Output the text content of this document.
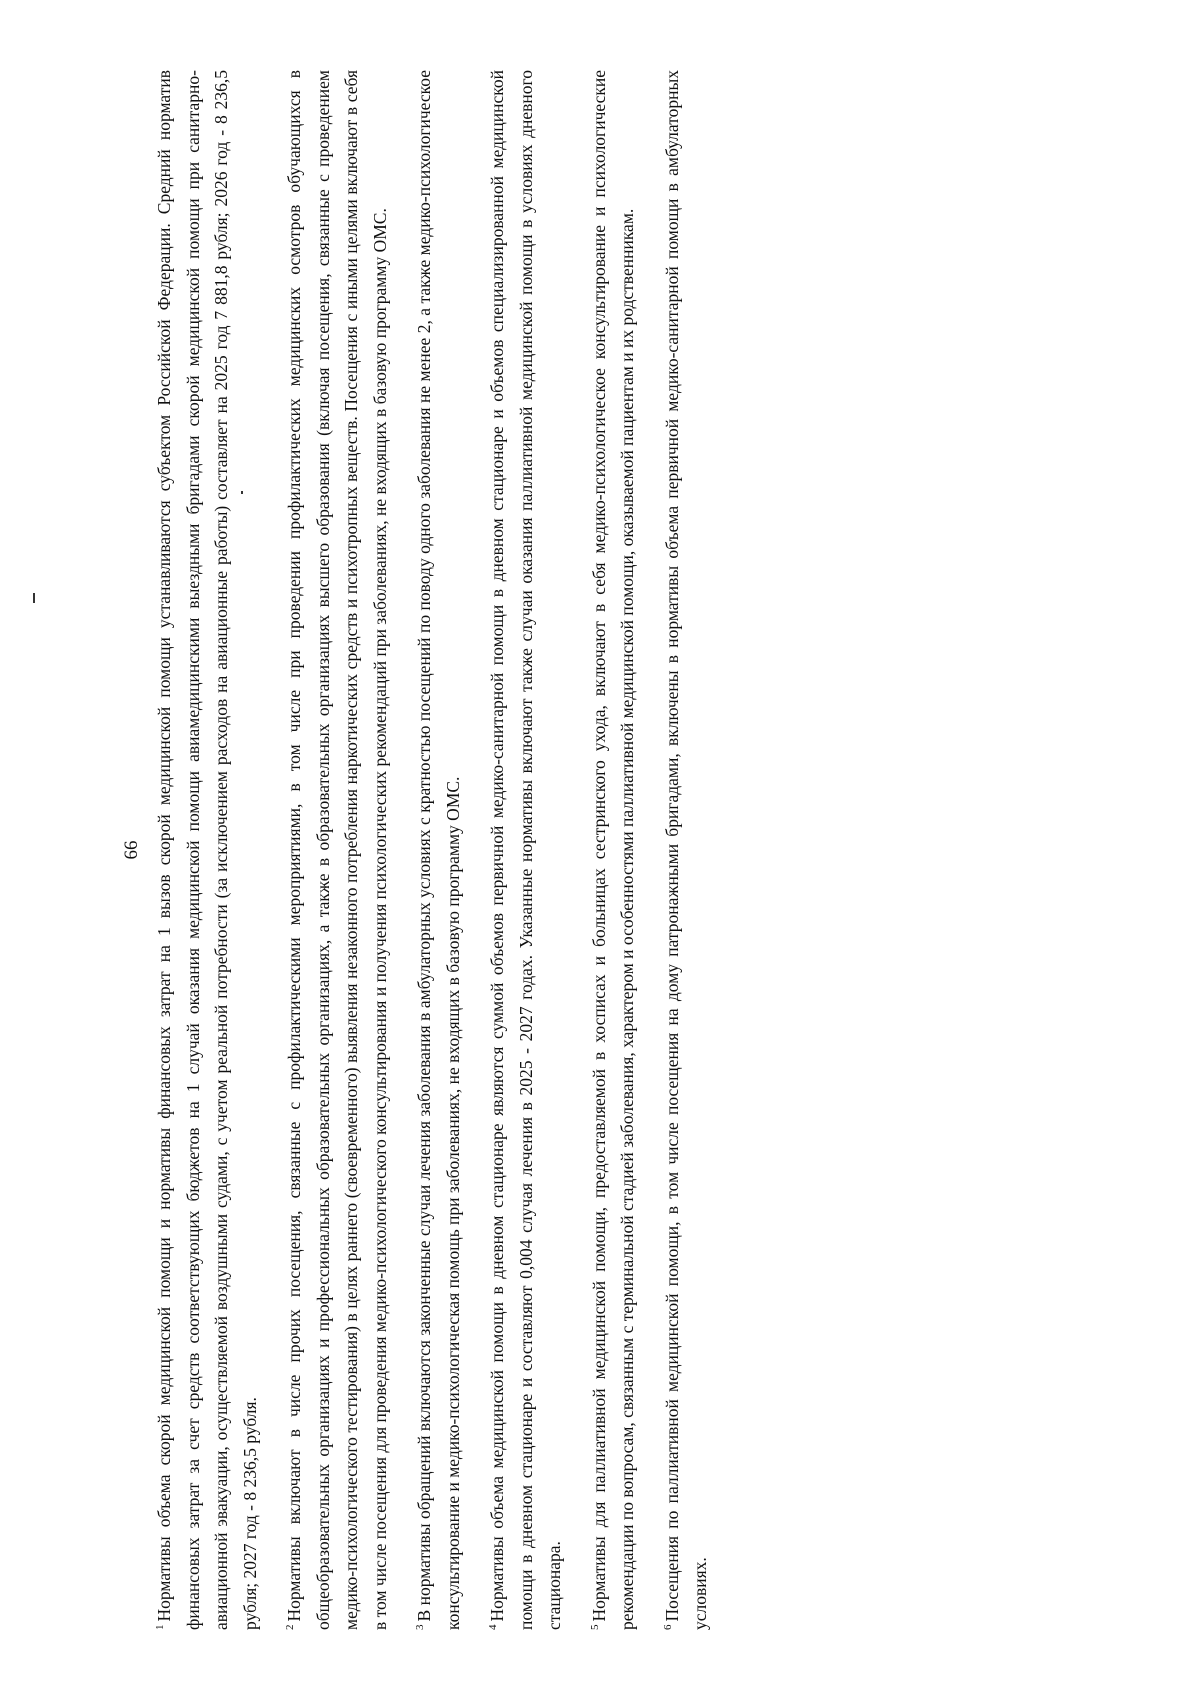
66

$^1$Нормативы объема скорой медицинской помощи и нормативы финансовых затрат на 1 вызов скорой медицинской помощи устанавливаются субъектом Российской Федерации. Средний норматив финансовых затрат за счет средств соответствующих бюджетов на 1 случай оказания медицинской помощи авиамедицинскими выездными бригадами скорой медицинской помощи при санитарно-авиационной эвакуации, осуществляемой воздушными судами, с учетом реальной потребности (за исключением расходов на авиационные работы) составляет на 2025 год 7 881,8 рубля; 2026 год - 8 236,5 рубля; 2027 год - 8 236,5 рубля.	$^2$Нормативы включают в числе прочих посещения, связанные с профилактическими мероприятиями, в том числе при проведении профилактических медицинских осмотров обучающихся в общеобразовательных организациях и профессиональных образовательных организациях, а также в образовательных организациях высшего образования (включая посещения, связанные с проведением медико-психологического тестирования) в целях раннего (своевременного) выявления незаконного потребления наркотических средств и психотропных веществ. Посещения с иными целями включают в себя в том числе посещения для проведения медико-психологического консультирования и получения психологических рекомендаций при заболеваниях, не входящих в базовую программу ОМС.	$^3$В нормативы обращений включаются законченные случаи лечения заболевания в амбулаторных условиях с кратностью посещений по поводу одного заболевания не менее 2, а также медико-психологическое консультирование и медико-психологическая помощь при заболеваниях, не входящих в базовую программу ОМС.	$^4$Нормативы объема медицинской помощи в дневном стационаре являются суммой объемов первичной медико-санитарной помощи в дневном стационаре и объемов специализированной медицинской помощи в дневном стационаре и составляют 0,004 случая лечения в 2025 - 2027 годах. Указанные нормативы включают также случаи оказания паллиативной медицинской помощи в условиях дневного стационара.	$^5$Нормативы для паллиативной медицинской помощи, предоставляемой в хосписах и больницах сестринского ухода, включают в себя медико-психологическое консультирование и психологические рекомендации по вопросам, связанным с терминальной стадией заболевания, характером и особенностями паллиативной медицинской помощи, оказываемой пациентам и их родственникам.	$^6$Посещения по паллиативной медицинской помощи, в том числе посещения на дому патронажными бригадами, включены в нормативы объема первичной медико-санитарной помощи в амбулаторных условиях.
